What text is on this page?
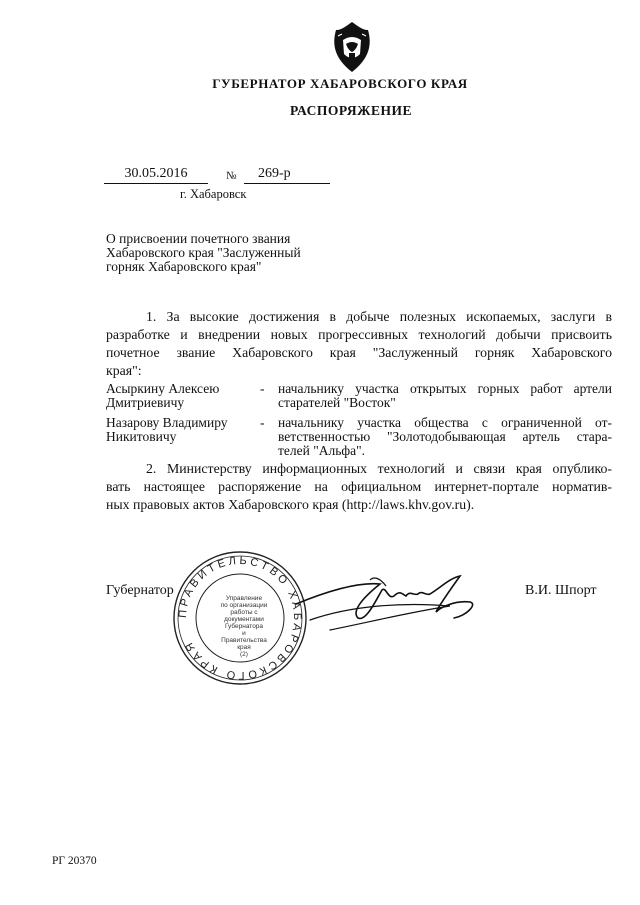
ГУБЕРНАТОР ХАБАРОВСКОГО КРАЯ
РАСПОРЯЖЕНИЕ
30.05.2016	№	269-р
г. Хабаровск
О присвоении почетного звания
Хабаровского края "Заслуженный
горняк Хабаровского края"
1. За высокие достижения в добыче полезных ископаемых, заслуги в
разработке и внедрении новых прогрессивных технологий добычи присвоить
почетное звание Хабаровского края "Заслуженный горняк Хабаровского
края":
Асыркину Алексею
Дмитриевичу
- начальнику участка открытых горных работ артели
старателей "Восток"
Назарову Владимиру
Никитовичу
- начальнику участка общества с ограниченной от-
ветственностью "Золотодобывающая артель стара-
телей "Альфа".
2. Министерству информационных технологий и связи края опублико-
вать настоящее распоряжение на официальном интернет-портале норматив-
ных правовых актов Хабаровского края (http://laws.khv.gov.ru).
ПРАВИТЕЛЬСТВО ХАБАРОВСКОГО КРАЯ
Управление
по организации
работы с документами
Губернатора
и Правительства
края
(2)
Губернатор	В.И. Шпорт
РГ 20370
